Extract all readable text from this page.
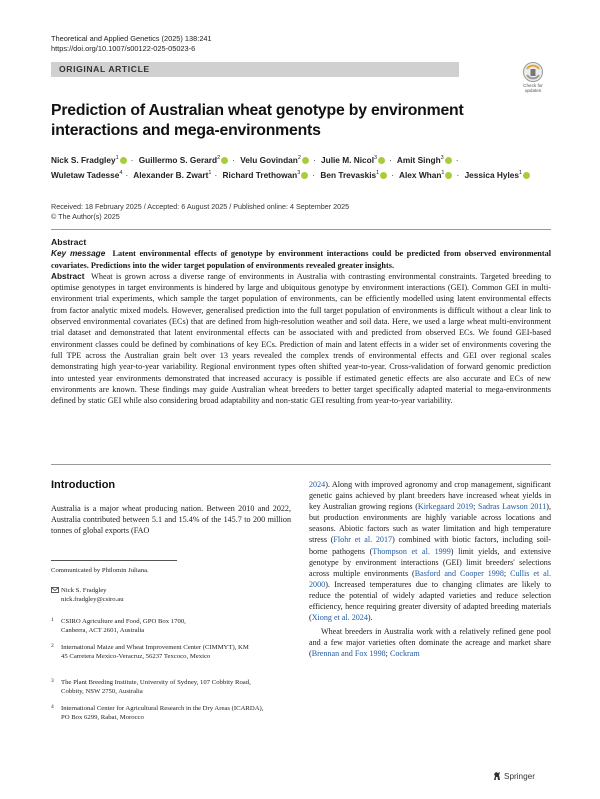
Theoretical and Applied Genetics (2025) 138:241
https://doi.org/10.1007/s00122-025-05023-6
ORIGINAL ARTICLE
Check for
updates
Prediction of Australian wheat genotype by environment interactions and mega‑environments
Nick S. Fradgley$^1$ · Guillermo S. Gerard$^2$ · Velu Govindan$^2$ · Julie M. Nicol$^3$ · Amit Singh$^3$ ·
Wuletaw Tadesse$^4$ · Alexander B. Zwart$^1$ · Richard Trethowan$^3$ · Ben Trevaskis$^1$ · Alex Whan$^1$ · Jessica Hyles$^1$
Received: 18 February 2025 / Accepted: 6 August 2025 / Published online: 4 September 2025
© The Author(s) 2025
Abstract

Key message Latent environmental effects of genotype by environment interactions could be predicted from observed environmental covariates. Predictions into the wider target population of environments revealed greater insights.

Abstract Wheat is grown across a diverse range of environments in Australia with contrasting environmental constraints. Targeted breeding to optimise genotypes in target environments is hindered by large and ubiquitous genotype by environment interactions (GEI). Common GEI in multi-environment trial experiments, which sample the target population of environments, can be efficiently modelled using latent environmental effects from factor analytic mixed models. However, generalised prediction into the full target population of environments is difficult without a clear link to observed environmental covariates (ECs) that are defined from high-resolution weather and soil data. Here, we used a large wheat multi-environment trial dataset and demonstrated that latent environmental effects can be associated with and predicted from observed ECs. We found GEI-based environment classes could be defined by combinations of key ECs. Prediction of main and latent effects in a wider set of environments covering the full TPE across the Australian grain belt over 13 years revealed the complex trends of environmental effects and GEI over regional scales demonstrating high year-to-year variability. Regional environment types often shifted year-to-year. Cross-validation of forward genomic prediction into untested year environments demonstrated that increased accuracy is possible if estimated genetic effects are also accurate and ECs of new environments are known. These findings may guide Australian wheat breeders to better target specifically adapted material to mega-environments defined by static GEI while also considering broad adaptability and non-static GEI resulting from year-to-year variability.

Introduction

Australia is a major wheat producing nation. Between 2010 and 2022, Australia contributed between 5.1 and 15.4% of the 145.7 to 200 million tonnes of global exports (FAO

Communicated by Philomin Juliana.
Nick S. Fradgley
nick.fradgley@csiro.au
1 CSIRO Agriculture and Food, GPO Box 1700, Canberra, ACT 2601, Australia
2 International Maize and Wheat Improvement Center (CIMMYT), KM 45 Carretera Mexico-Veracruz, 56237 Texcoco, Mexico
3 The Plant Breeding Institute, University of Sydney, 107 Cobbity Road, Cobbity, NSW 2750, Australia
4 International Center for Agricultural Research in the Dry Areas (ICARDA), PO Box 6299, Rabat, Morocco

2024). Along with improved agronomy and crop management, significant genetic gains achieved by plant breeders have increased wheat yields in key Australian growing regions (Kirkegaard 2019; Sadras Lawson 2011), but production environments are highly variable across locations and seasons. Abiotic factors such as water limitation and high temperature stress (Flohr et al. 2017) combined with biotic factors, including soil-borne pathogens (Thompson et al. 1999) limit yields, and extensive genotype by environment interactions (GEI) limit breeders' selections across multiple environments (Basford and Cooper 1998; Cullis et al. 2000). Increased temperatures due to changing climates are likely to reduce the potential of widely adapted varieties and reduce selection efficiency, hence requiring greater diversity of adapted breeding materials (Xiong et al. 2024).

Wheat breeders in Australia work with a relatively refined gene pool and a few major varieties often dominate the acreage and market share (Brennan and Fox 1998; Cockram

Springer
